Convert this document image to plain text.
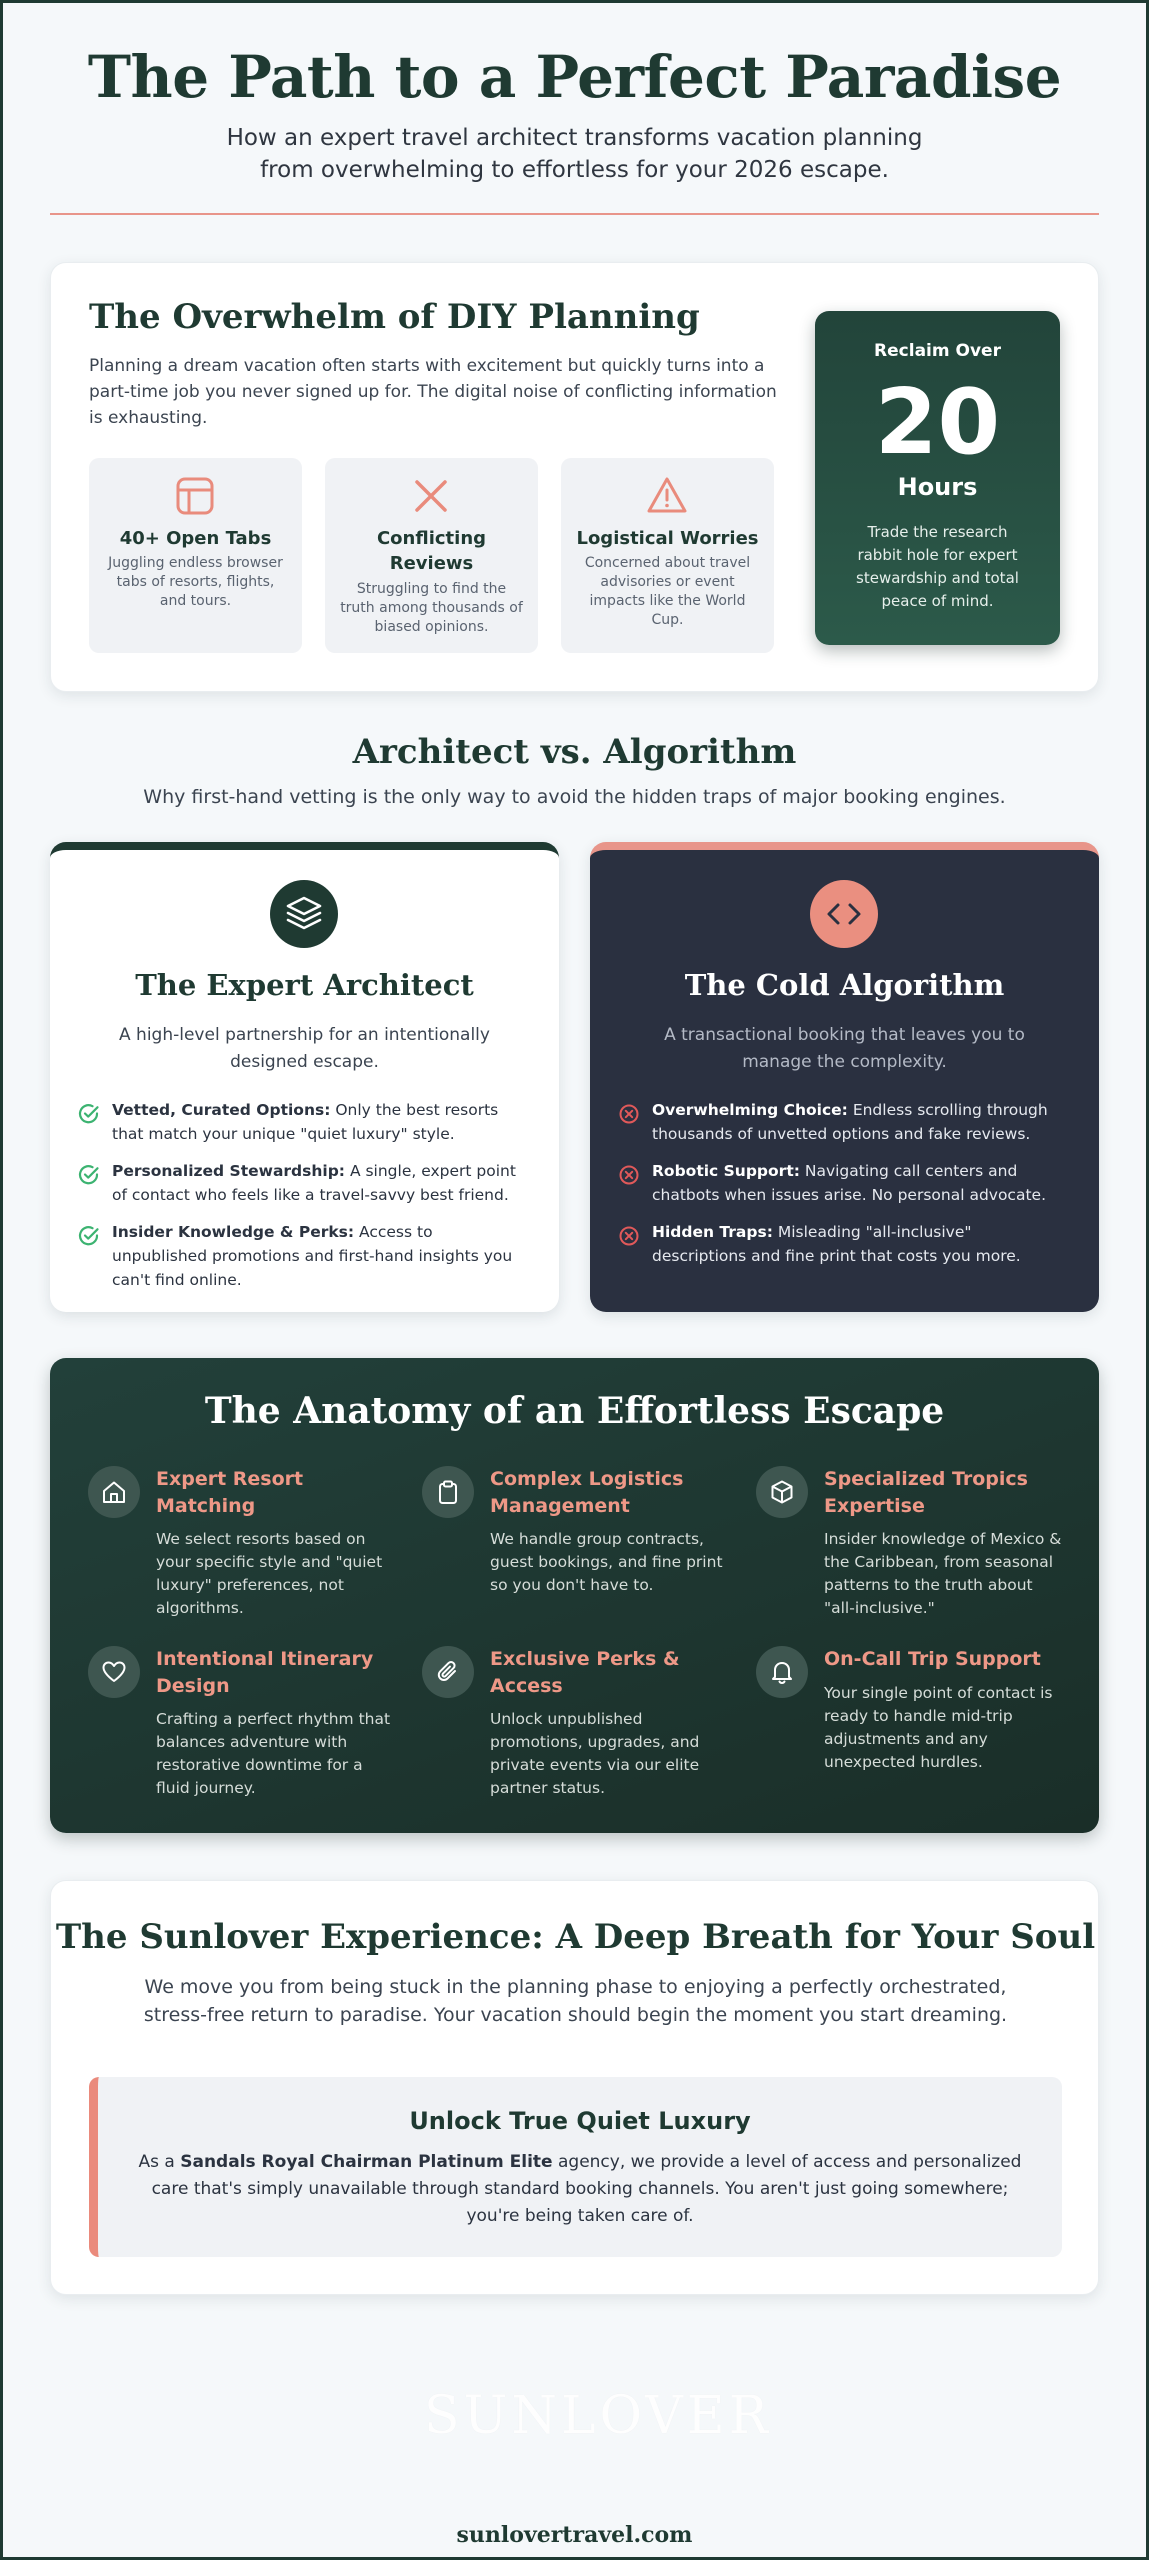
The Path to a Perfect Paradise

How an expert travel architect transforms vacation planning from overwhelming to effortless for your 2026 escape.

The Overwhelm of DIY Planning

Planning a dream vacation often starts with excitement but quickly turns into a part-time job you never signed up for. The digital noise of conflicting information is exhausting.

40+ Open Tabs

Juggling endless browser tabs of resorts, flights, and tours.

Conflicting Reviews

Struggling to find the truth among thousands of biased opinions.

Logistical Worries

Concerned about travel advisories or event impacts like the World Cup.

Reclaim Over
20
Hours
Trade the research rabbit hole for expert stewardship and total peace of mind.
Architect vs. Algorithm
Why first-hand vetting is the only way to avoid the hidden traps of major booking engines.
The Expert Architect

A high-level partnership for an intentionally designed escape.

Vetted, Curated Options: Only the best resorts that match your unique "quiet luxury" style.
Personalized Stewardship: A single, expert point of contact who feels like a travel-savvy best friend.
Insider Knowledge & Perks: Access to unpublished promotions and first-hand insights you can't find online.
The Cold Algorithm

A transactional booking that leaves you to manage the complexity.

Overwhelming Choice: Endless scrolling through thousands of unvetted options and fake reviews.
Robotic Support: Navigating call centers and chatbots when issues arise. No personal advocate.
Hidden Traps: Misleading "all-inclusive" descriptions and fine print that costs you more.
The Anatomy of an Effortless Escape
Expert Resort Matching

We select resorts based on your specific style and "quiet luxury" preferences, not algorithms.

Complex Logistics Management

We handle group contracts, guest bookings, and fine print so you don't have to.

Specialized Tropics Expertise

Insider knowledge of Mexico & the Caribbean, from seasonal patterns to the truth about "all-inclusive."

Intentional Itinerary Design

Crafting a perfect rhythm that balances adventure with restorative downtime for a fluid journey.

Exclusive Perks & Access

Unlock unpublished promotions, upgrades, and private events via our elite partner status.

On-Call Trip Support

Your single point of contact is ready to handle mid-trip adjustments and any unexpected hurdles.

The Sunlover Experience: A Deep Breath for Your Soul

We move you from being stuck in the planning phase to enjoying a perfectly orchestrated, stress-free return to paradise. Your vacation should begin the moment you start dreaming.

Unlock True Quiet Luxury

As a Sandals Royal Chairman Platinum Elite agency, we provide a level of access and personalized care that's simply unavailable through standard booking channels. You aren't just going somewhere; you're being taken care of.

SUNLOVER
sunlovertravel.com
